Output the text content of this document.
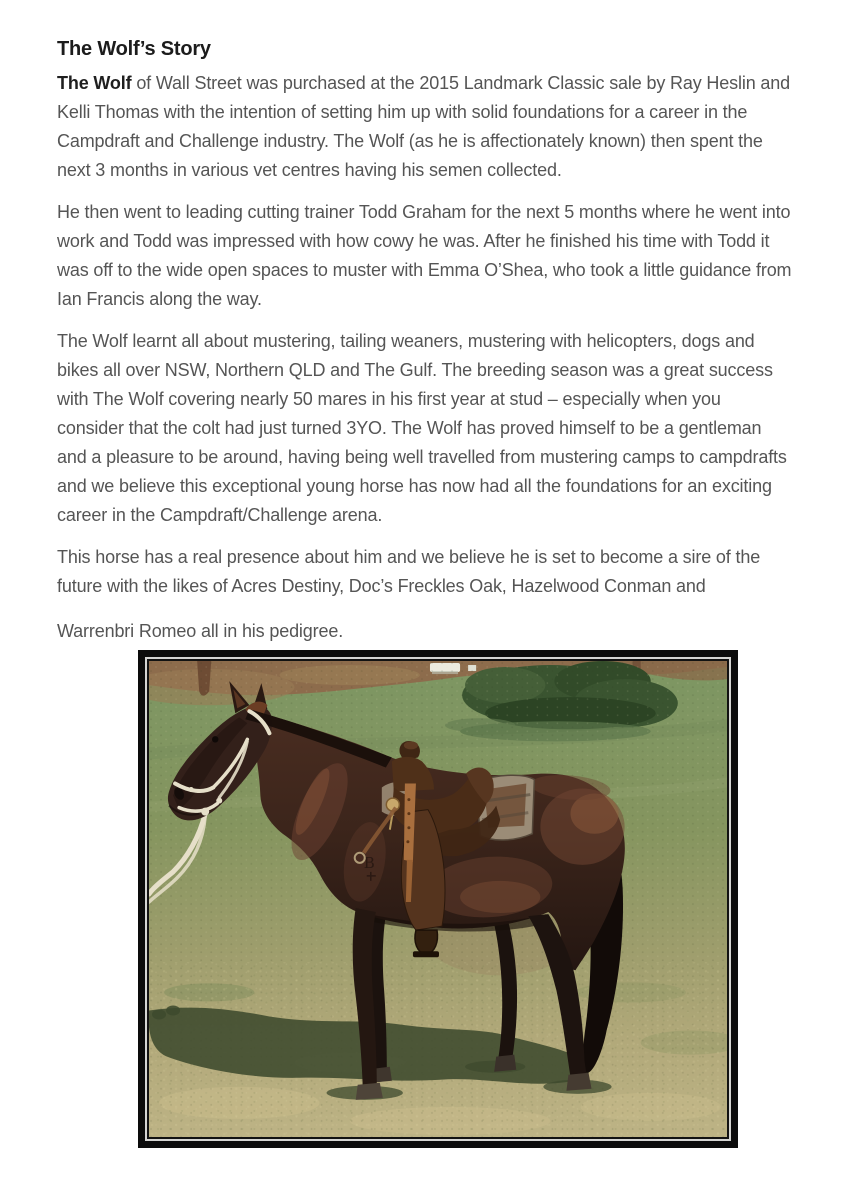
The Wolf’s Story

The Wolf of Wall Street was purchased at the 2015 Landmark Classic sale by Ray Heslin and Kelli Thomas with the intention of setting him up with solid foundations for a career in the Campdraft and Challenge industry. The Wolf (as he is affectionately known) then spent the next 3 months in various vet centres having his semen collected.

He then went to leading cutting trainer Todd Graham for the next 5 months where he went into work and Todd was impressed with how cowy he was. After he finished his time with Todd it was off to the wide open spaces to muster with Emma O’Shea, who took a little guidance from Ian Francis along the way.

The Wolf learnt all about mustering, tailing weaners, mustering with helicopters, dogs and bikes all over NSW, Northern QLD and The Gulf. The breeding season was a great success with The Wolf covering nearly 50 mares in his first year at stud – especially when you consider that the colt had just turned 3YO. The Wolf has proved himself to be a gentleman and a pleasure to be around, having being well travelled from mustering camps to campdrafts and we believe this exceptional young horse has now had all the foundations for an exciting career in the Campdraft/Challenge arena.

This horse has a real presence about him and we believe he is set to become a sire of the future with the likes of Acres Destiny, Doc’s Freckles Oak, Hazelwood Conman and

Warrenbri Romeo all in his pedigree.

B
